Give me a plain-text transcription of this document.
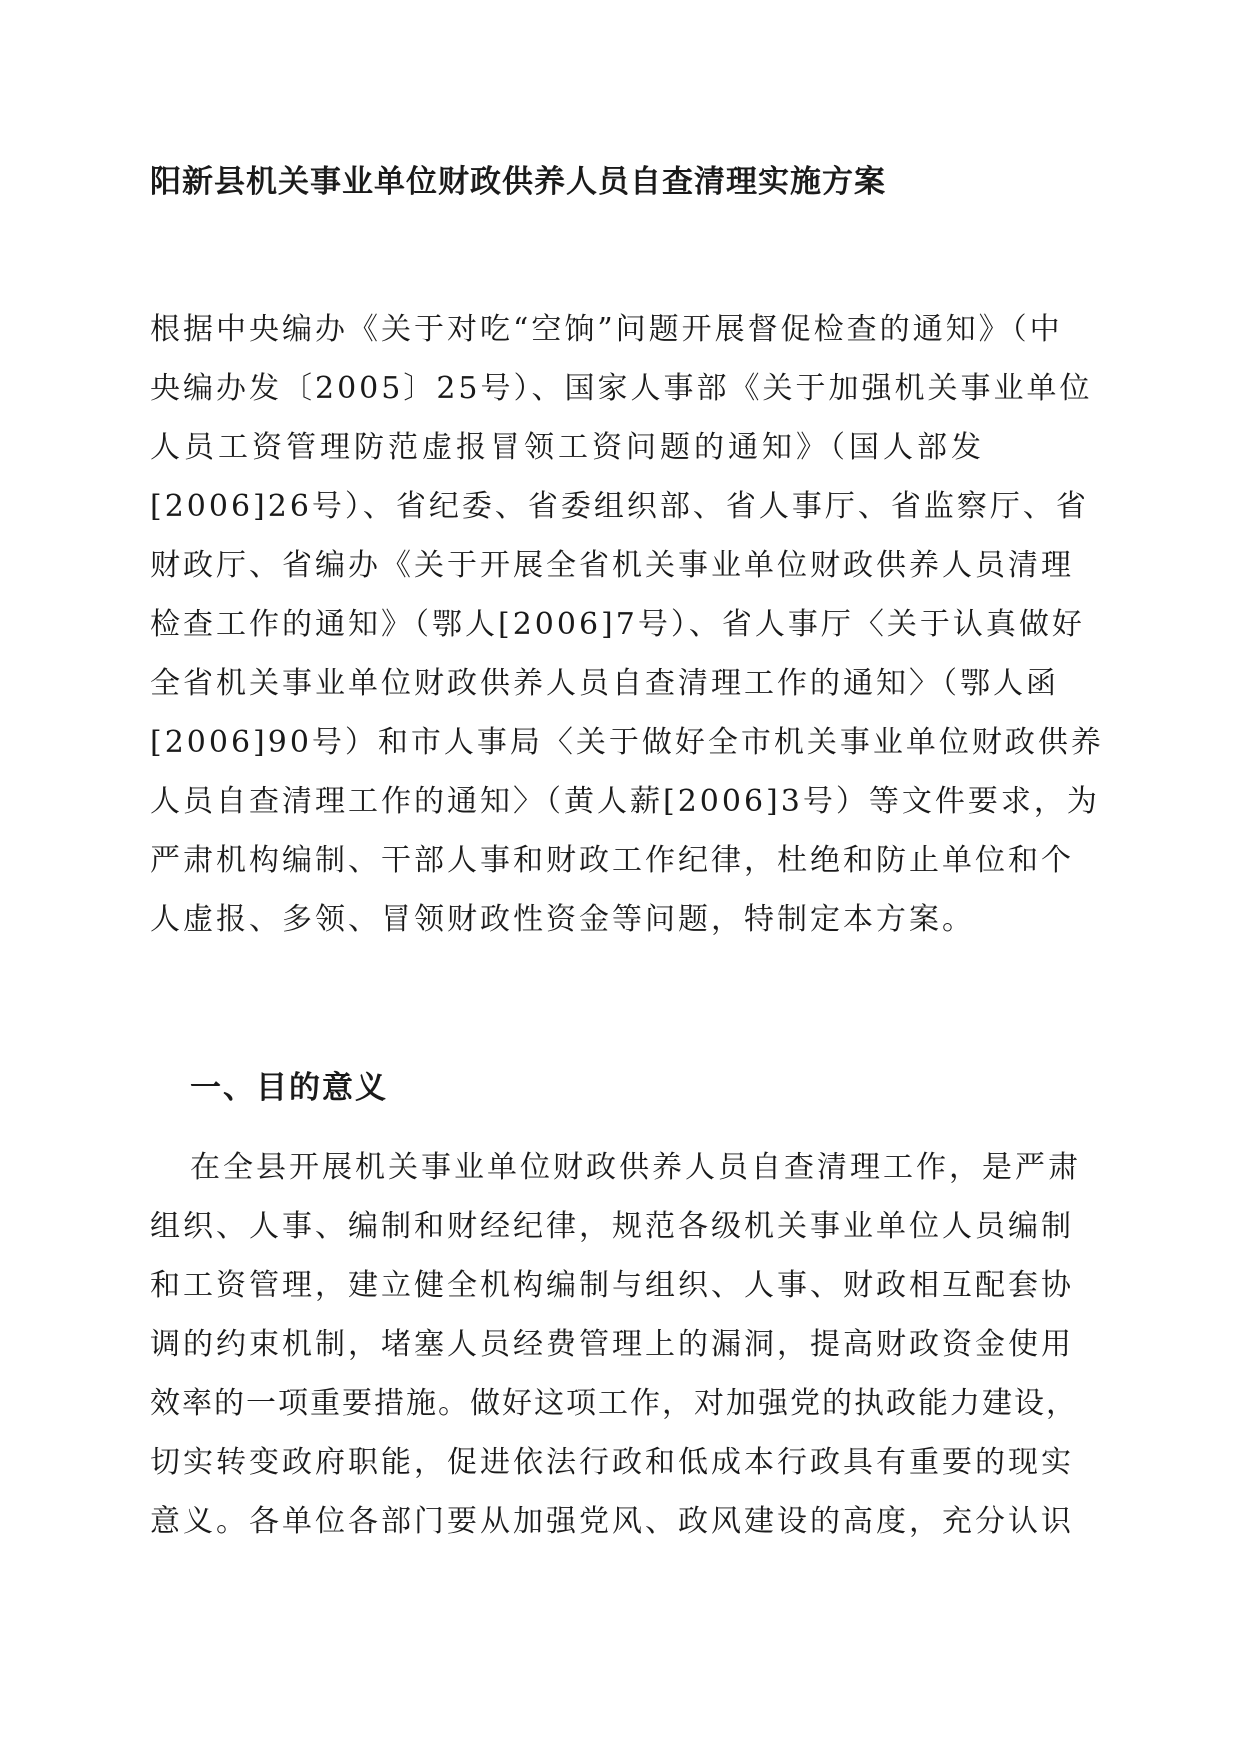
阳新县机关事业单位财政供养人员自查清理实施方案
根据中央编办《关于对吃“空饷”问题开展督促检查的通知》（中
央编办发〔2005〕25号）、国家人事部《关于加强机关事业单位
人员工资管理防范虚报冒领工资问题的通知》（国人部发
[2006]26号）、省纪委、省委组织部、省人事厅、省监察厅、省
财政厅、省编办《关于开展全省机关事业单位财政供养人员清理
检查工作的通知》（鄂人[2006]7号）、省人事厅〈关于认真做好
全省机关事业单位财政供养人员自查清理工作的通知〉（鄂人函
[2006]90号）和市人事局〈关于做好全市机关事业单位财政供养
人员自查清理工作的通知〉（黄人薪[2006]3号）等文件要求，为
严肃机构编制、干部人事和财政工作纪律，杜绝和防止单位和个
人虚报、多领、冒领财政性资金等问题，特制定本方案。
一、目的意义
在全县开展机关事业单位财政供养人员自查清理工作，是严肃
组织、人事、编制和财经纪律，规范各级机关事业单位人员编制
和工资管理，建立健全机构编制与组织、人事、财政相互配套协
调的约束机制，堵塞人员经费管理上的漏洞，提高财政资金使用
效率的一项重要措施。做好这项工作，对加强党的执政能力建设，
切实转变政府职能，促进依法行政和低成本行政具有重要的现实
意义。各单位各部门要从加强党风、政风建设的高度，充分认识
